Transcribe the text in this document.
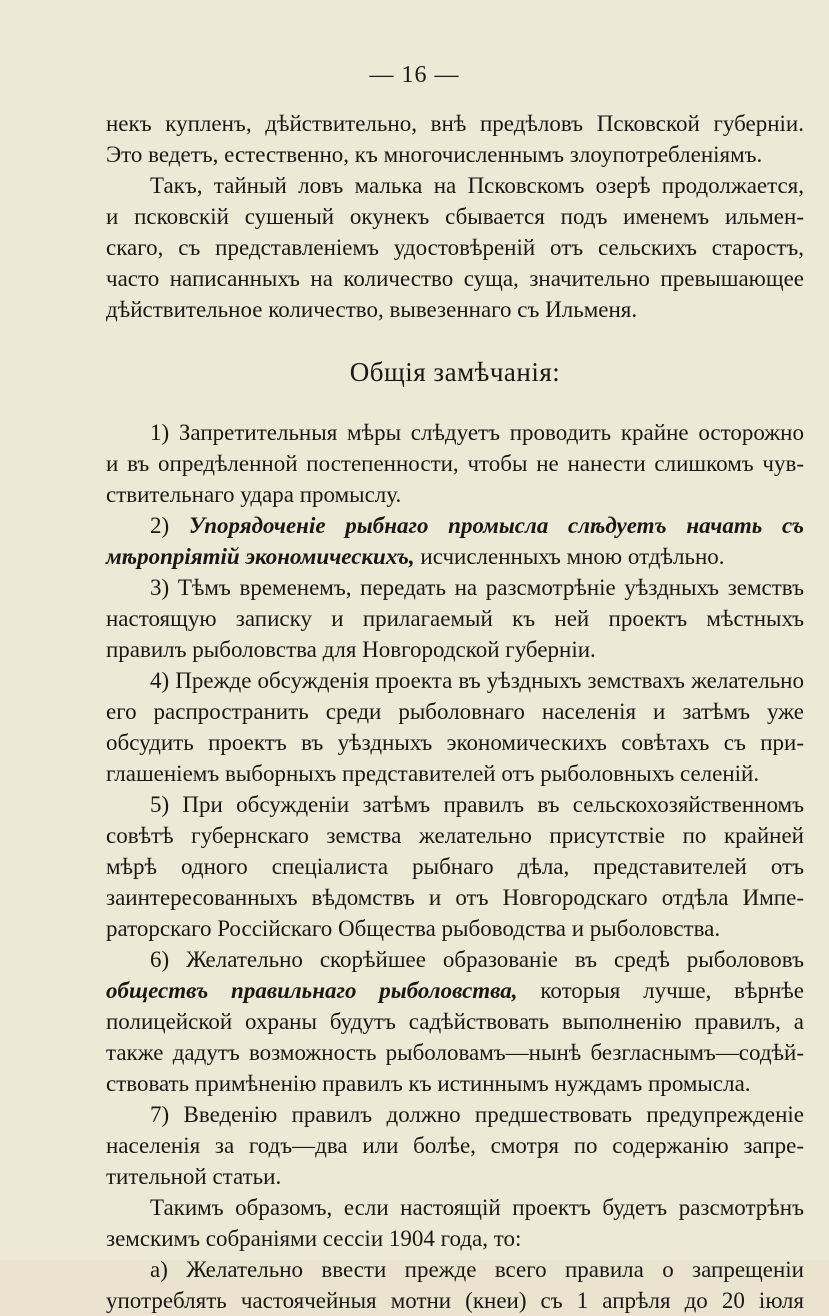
— 16 —
некъ купленъ, дѣйствительно, внѣ предѣловъ Псковской губерніи.
Это ведетъ, естественно, къ многочисленнымъ злоупотребленіямъ.
Такъ, тайный ловъ малька на Псковскомъ озерѣ продолжается,
и псковскій сушеный окунекъ сбывается подъ именемъ ильмен-
скаго, съ представленіемъ удостовѣреній отъ сельскихъ старостъ,
часто написанныхъ на количество суща, значительно превышающее
дѣйствительное количество, вывезеннаго съ Ильменя.
Общія замѣчанія:
1) Запретительныя мѣры слѣдуетъ проводить крайне осторожно
и въ опредѣленной постепенности, чтобы не нанести слишкомъ чув-
ствительнаго удара промыслу.
2) Упорядоченіе рыбнаго промысла слѣдуетъ начать съ
мѣропріятій экономическихъ, исчисленныхъ мною отдѣльно.
3) Тѣмъ временемъ, передать на разсмотрѣніе уѣздныхъ земствъ
настоящую записку и прилагаемый къ ней проектъ мѣстныхъ
правилъ рыболовства для Новгородской губерніи.
4) Прежде обсужденія проекта въ уѣздныхъ земствахъ желательно
его распространить среди рыболовнаго населенія и затѣмъ уже
обсудить проектъ въ уѣздныхъ экономическихъ совѣтахъ съ при-
глашеніемъ выборныхъ представителей отъ рыболовныхъ селеній.
5) При обсужденіи затѣмъ правилъ въ сельскохозяйственномъ
совѣтѣ губернскаго земства желательно присутствіе по крайней
мѣрѣ одного спеціалиста рыбнаго дѣла, представителей отъ
заинтересованныхъ вѣдомствъ и отъ Новгородскаго отдѣла Импе-
раторскаго Россійскаго Общества рыбоводства и рыболовства.
6) Желательно скорѣйшее образованіе въ средѣ рыболововъ
обществъ правильнаго рыболовства, которыя лучше, вѣрнѣе
полицейской охраны будутъ садѣйствовать выполненію правилъ, а
также дадутъ возможность рыболовамъ—нынѣ безгласнымъ—содѣй-
ствовать примѣненію правилъ къ истиннымъ нуждамъ промысла.
7) Введенію правилъ должно предшествовать предупрежденіе
населенія за годъ—два или болѣе, смотря по содержанію запре-
тительной статьи.
Такимъ образомъ, если настоящій проектъ будетъ разсмотрѣнъ
земскимъ собраніями сессіи 1904 года, то:
а) Желательно ввести прежде всего правила о запрещеніи
употреблять частоячейныя мотни (кнеи) съ 1 апрѣля до 20 іюля
